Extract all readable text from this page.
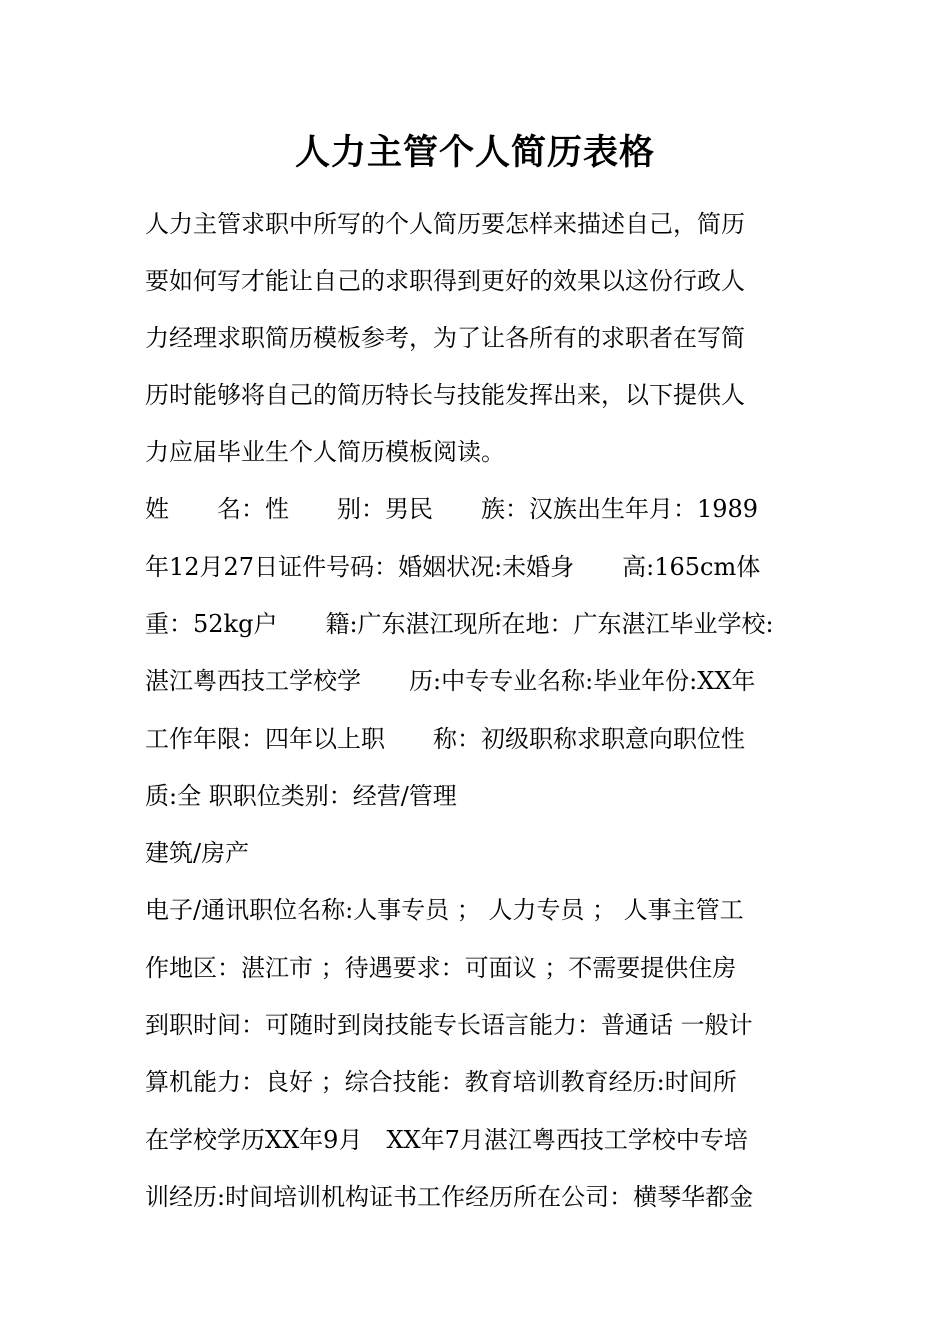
人力主管个人简历表格

人力主管求职中所写的个人简历要怎样来描述自己，简历

要如何写才能让自己的求职得到更好的效果以这份行政人

力经理求职简历模板参考，为了让各所有的求职者在写简

历时能够将自己的简历特长与技能发挥出来，以下提供人

力应届毕业生个人简历模板阅读。

姓　　名：性　　别：男民　　族：汉族出生年月：1989

年12月27日证件号码：婚姻状况:未婚身　　高:165cm体

重：52kg户　　籍:广东湛江现所在地：广东湛江毕业学校:

湛江粤西技工学校学　　历:中专专业名称:毕业年份:XX年

工作年限：四年以上职　　称：初级职称求职意向职位性

质:全 职职位类别：经营/管理

建筑/房产

电子/通讯职位名称:人事专员 ； 人力专员 ； 人事主管工

作地区：湛江市 ；待遇要求：可面议 ；不需要提供住房

到职时间：可随时到岗技能专长语言能力：普通话 一般计

算机能力：良好 ；综合技能：教育培训教育经历:时间所

在学校学历XX年9月　XX年7月湛江粤西技工学校中专培

训经历:时间培训机构证书工作经历所在公司：横琴华都金
